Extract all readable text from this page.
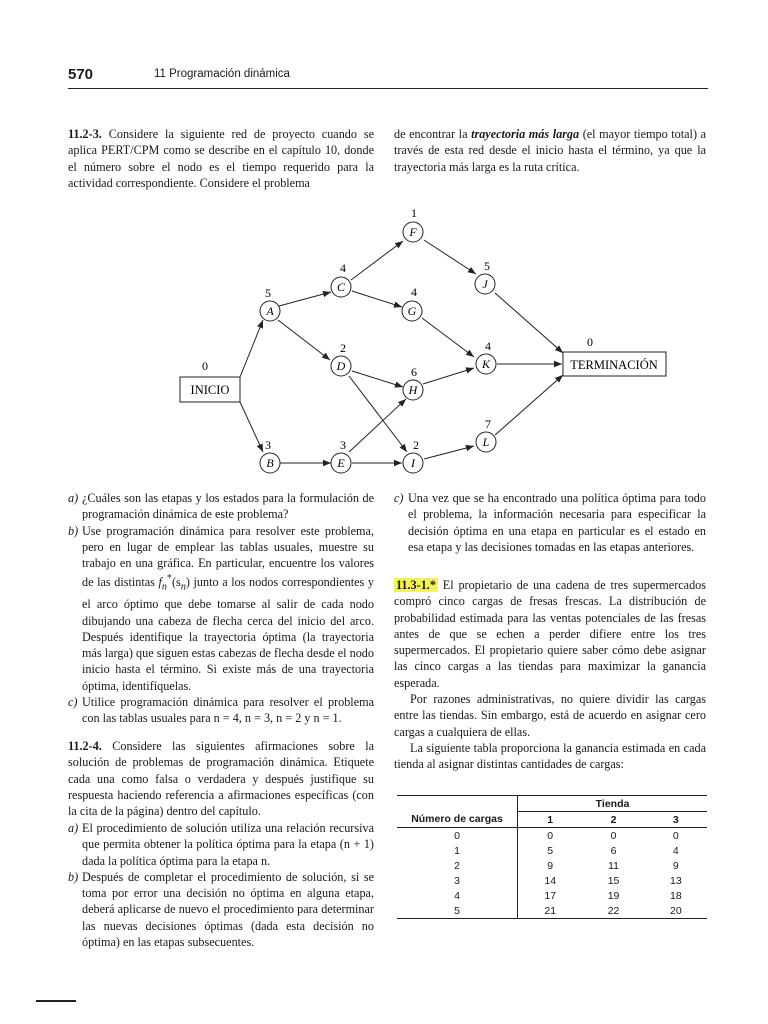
570	11 Programación dinámica

11.2-3. Considere la siguiente red de proyecto cuando se aplica PERT/CPM como se describe en el capítulo 10, donde el número sobre el nodo es el tiempo requerido para la actividad correspondiente. Considere el problema

de encontrar la trayectoria más larga (el mayor tiempo total) a través de esta red desde el inicio hasta el término, ya que la trayectoria más larga es la ruta crítica.

INICIO
0	TERMINACIÓN
0
A
5
B
3
C
4
D
2
E
3
F
1
G
4
H
6
I
2
J
5
K
4
L
7
a) ¿Cuáles son las etapas y los estados para la formulación de programación dinámica de este problema?
b) Use programación dinámica para resolver este problema, pero en lugar de emplear las tablas usuales, muestre su trabajo en una gráfica. En particular, encuentre los valores de las distintas $f_n^*(s_n)$ junto a los nodos correspondientes y el arco óptimo que debe tomarse al salir de cada nodo dibujando una cabeza de flecha cerca del inicio del arco. Después identifique la trayectoria óptima (la trayectoria más larga) que siguen estas cabezas de flecha desde el nodo inicio hasta el término. Si existe más de una trayectoria óptima, identifíquelas.
c) Utilice programación dinámica para resolver el problema con las tablas usuales para n = 4, n = 3, n = 2 y n = 1.

11.2-4. Considere las siguientes afirmaciones sobre la solución de problemas de programación dinámica. Etiquete cada una como falsa o verdadera y después justifique su respuesta haciendo referencia a afirmaciones específicas (con la cita de la página) dentro del capítulo.

a) El procedimiento de solución utiliza una relación recursiva que permita obtener la política óptima para la etapa (n + 1) dada la política óptima para la etapa n.
b) Después de completar el procedimiento de solución, si se toma por error una decisión no óptima en alguna etapa, deberá aplicarse de nuevo el procedimiento para determinar las nuevas decisiones óptimas (dada esta decisión no óptima) en las etapas subsecuentes.
c) Una vez que se ha encontrado una política óptima para todo el problema, la información necesaria para especificar la decisión óptima en una etapa en particular es el estado en esa etapa y las decisiones tomadas en las etapas anteriores.

11.3-1.* El propietario de una cadena de tres supermercados compró cinco cargas de fresas frescas. La distribución de probabilidad estimada para las ventas potenciales de las fresas antes de que se echen a perder difiere entre los tres supermercados. El propietario quiere saber cómo debe asignar las cinco cargas a las tiendas para maximizar la ganancia esperada.

Por razones administrativas, no quiere dividir las cargas entre las tiendas. Sin embargo, está de acuerdo en asignar cero cargas a cualquiera de ellas.

La siguiente tabla proporciona la ganancia estimada en cada tienda al asignar distintas cantidades de cargas:

	Tienda		
Número de cargas	1	2	3
0	0	0	0
1	5	6	4
2	9	11	9
3	14	15	13
4	17	19	18
5	21	22	20
